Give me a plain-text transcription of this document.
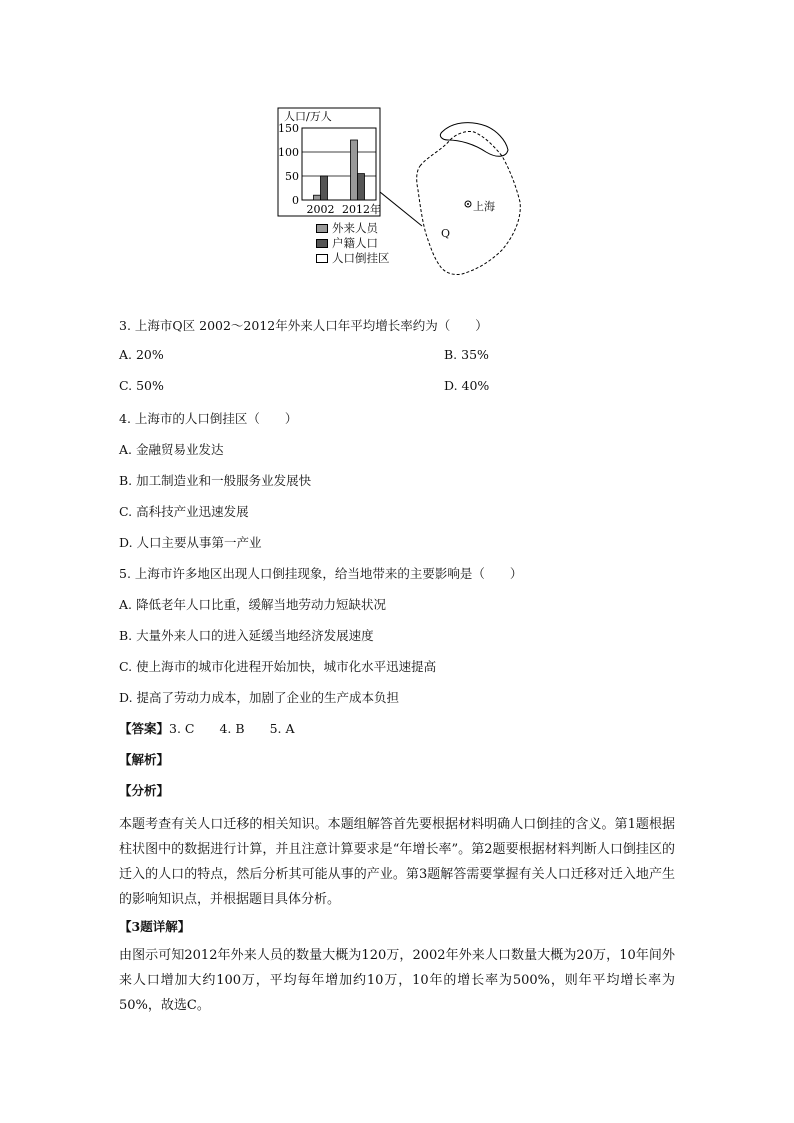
人口/万人
0
50
100
150
2002 2012年	上海
Q
外来人员
户籍人口
人口倒挂区
3. 上海市Q区 2002～2012年外来人口年平均增长率约为（　　）
A. 20%	B. 35%
C. 50%	D. 40%
4. 上海市的人口倒挂区（　　）
A. 金融贸易业发达
B. 加工制造业和一般服务业发展快
C. 高科技产业迅速发展
D. 人口主要从事第一产业
5. 上海市许多地区出现人口倒挂现象，给当地带来的主要影响是（　　）
A. 降低老年人口比重，缓解当地劳动力短缺状况
B. 大量外来人口的进入延缓当地经济发展速度
C. 使上海市的城市化进程开始加快，城市化水平迅速提高
D. 提高了劳动力成本，加剧了企业的生产成本负担
【答案】3. C　　4. B　　5. A
【解析】
【分析】
本题考查有关人口迁移的相关知识。本题组解答首先要根据材料明确人口倒挂的含义。第1题根据柱状图中的数据进行计算，并且注意计算要求是“年增长率”。第2题要根据材料判断人口倒挂区的迁入的人口的特点，然后分析其可能从事的产业。第3题解答需要掌握有关人口迁移对迁入地产生的影响知识点，并根据题目具体分析。
【3题详解】
由图示可知2012年外来人员的数量大概为120万，2002年外来人口数量大概为20万，10年间外来人口增加大约100万，平均每年增加约10万，10年的增长率为500%，则年平均增长率为50%，故选C。
